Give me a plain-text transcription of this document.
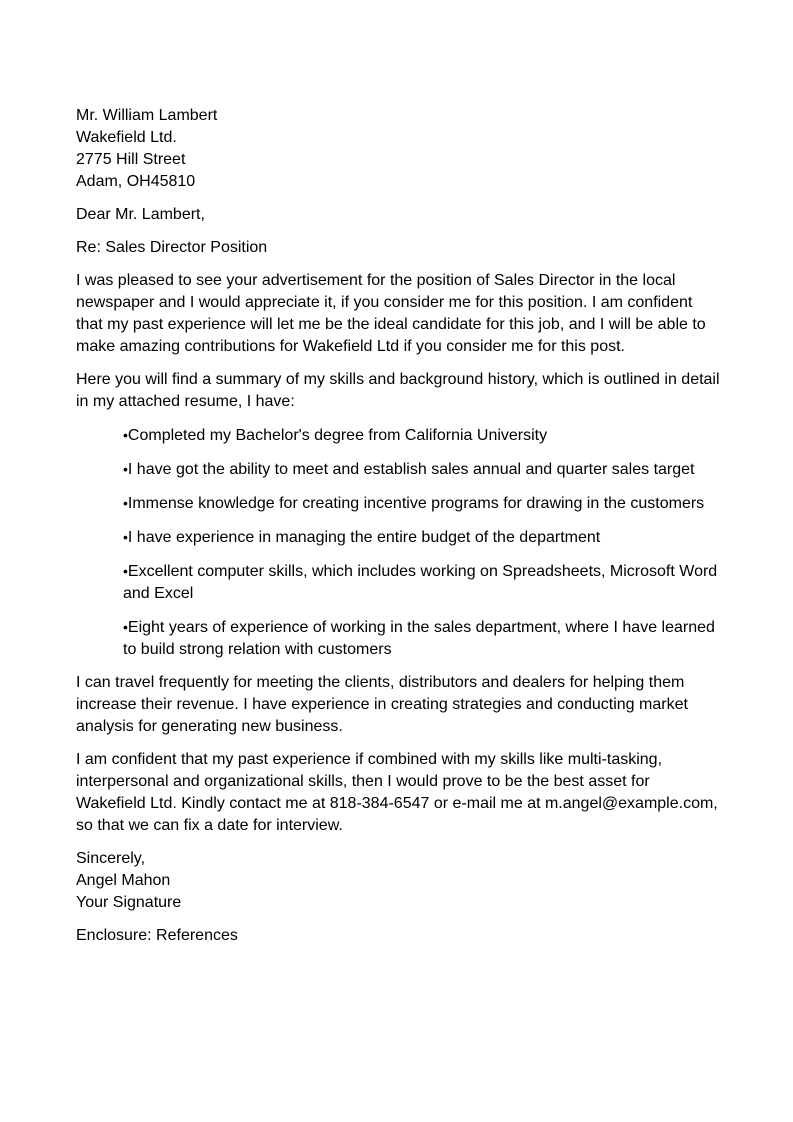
Mr. William Lambert
Wakefield Ltd.
2775 Hill Street
Adam, OH45810

Dear Mr. Lambert,

Re: Sales Director Position

I was pleased to see your advertisement for the position of Sales Director in the local newspaper and I would appreciate it, if you consider me for this position. I am confident that my past experience will let me be the ideal candidate for this job, and I will be able to make amazing contributions for Wakefield Ltd if you consider me for this post.

Here you will find a summary of my skills and background history, which is outlined in detail in my attached resume, I have:

•Completed my Bachelor's degree from California University
•I have got the ability to meet and establish sales annual and quarter sales target
•Immense knowledge for creating incentive programs for drawing in the customers
•I have experience in managing the entire budget of the department
•Excellent computer skills, which includes working on Spreadsheets, Microsoft Word and Excel
•Eight years of experience of working in the sales department, where I have learned to build strong relation with customers

I can travel frequently for meeting the clients, distributors and dealers for helping them increase their revenue. I have experience in creating strategies and conducting market analysis for generating new business.

I am confident that my past experience if combined with my skills like multi-tasking, interpersonal and organizational skills, then I would prove to be the best asset for Wakefield Ltd. Kindly contact me at 818-384-6547 or e-mail me at m.angel@example.com, so that we can fix a date for interview.

Sincerely,
Angel Mahon
Your Signature

Enclosure: References
